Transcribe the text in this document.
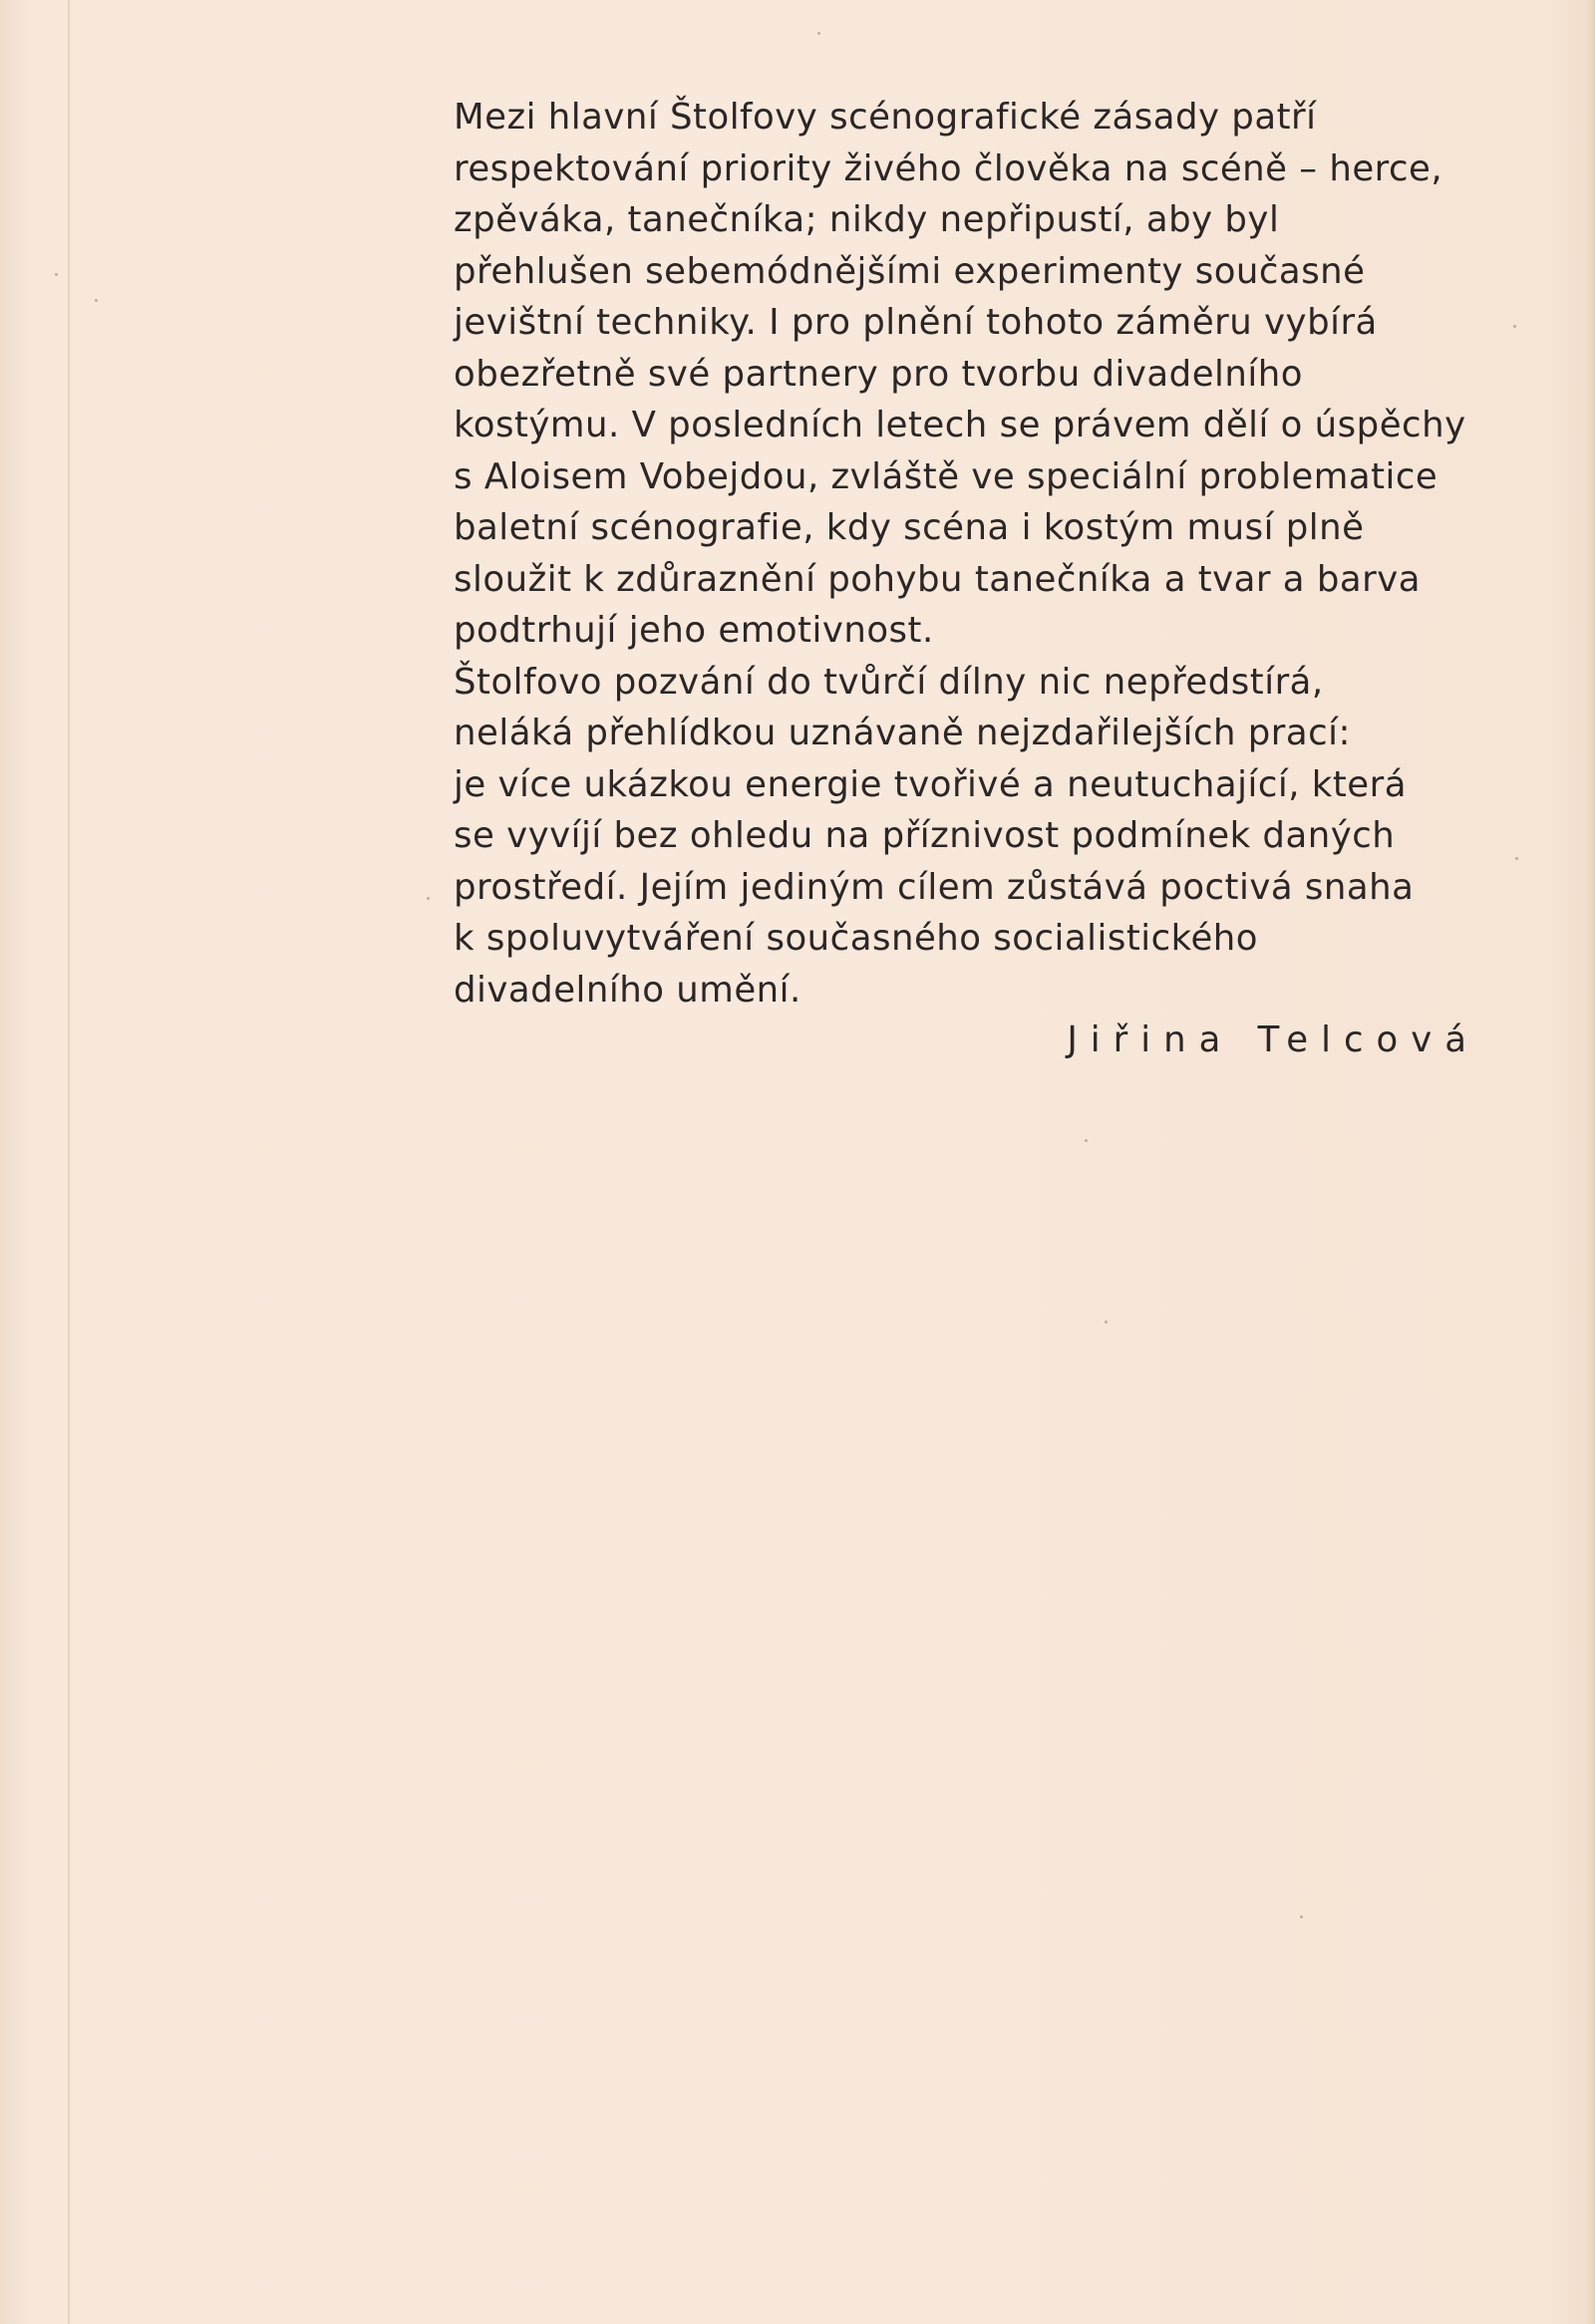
Mezi hlavní Štolfovy scénografické zásady patří
respektování priority živého člověka na scéně – herce,
zpěváka, tanečníka; nikdy nepřipustí, aby byl
přehlušen sebemódnějšími experimenty současné
jevištní techniky. I pro plnění tohoto záměru vybírá
obezřetně své partnery pro tvorbu divadelního
kostýmu. V posledních letech se právem dělí o úspěchy
s Aloisem Vobejdou, zvláště ve speciální problematice
baletní scénografie, kdy scéna i kostým musí plně
sloužit k zdůraznění pohybu tanečníka a tvar a barva
podtrhují jeho emotivnost.
Štolfovo pozvání do tvůrčí dílny nic nepředstírá,
neláká přehlídkou uznávaně nejzdařilejších prací:
je více ukázkou energie tvořivé a neutuchající, která
se vyvíjí bez ohledu na příznivost podmínek daných
prostředí. Jejím jediným cílem zůstává poctivá snaha
k spoluvytváření současného socialistického
divadelního umění.
Jiřina Telcová
